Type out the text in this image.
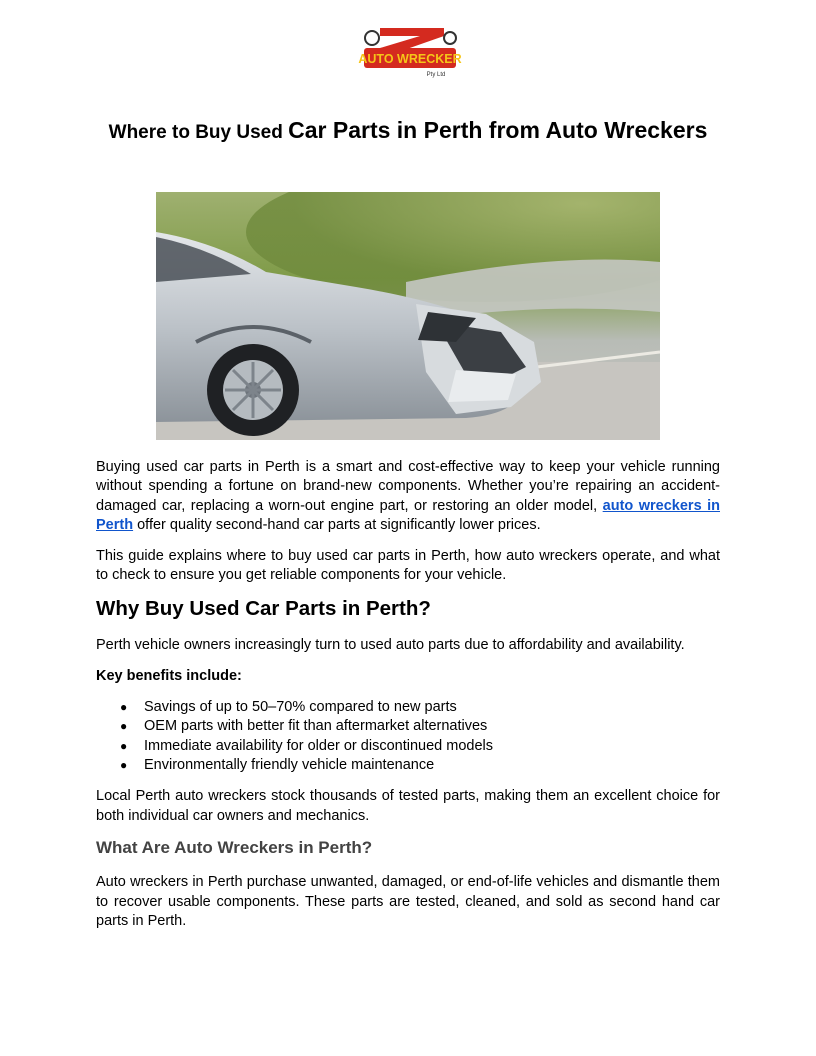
AUTO WRECKER
Pty Ltd
Where to Buy Used Car Parts in Perth from Auto Wreckers

Buying used car parts in Perth is a smart and cost-effective way to keep your vehicle running without spending a fortune on brand-new components. Whether you’re repairing an accident-damaged car, replacing a worn-out engine part, or restoring an older model, auto wreckers in Perth offer quality second-hand car parts at significantly lower prices.

This guide explains where to buy used car parts in Perth, how auto wreckers operate, and what to check to ensure you get reliable components for your vehicle.

Why Buy Used Car Parts in Perth?

Perth vehicle owners increasingly turn to used auto parts due to affordability and availability.

Key benefits include:

● Savings of up to 50–70% compared to new parts
● OEM parts with better fit than aftermarket alternatives
● Immediate availability for older or discontinued models
● Environmentally friendly vehicle maintenance

Local Perth auto wreckers stock thousands of tested parts, making them an excellent choice for both individual car owners and mechanics.

What Are Auto Wreckers in Perth?

Auto wreckers in Perth purchase unwanted, damaged, or end-of-life vehicles and dismantle them to recover usable components. These parts are tested, cleaned, and sold as second hand car parts in Perth.
